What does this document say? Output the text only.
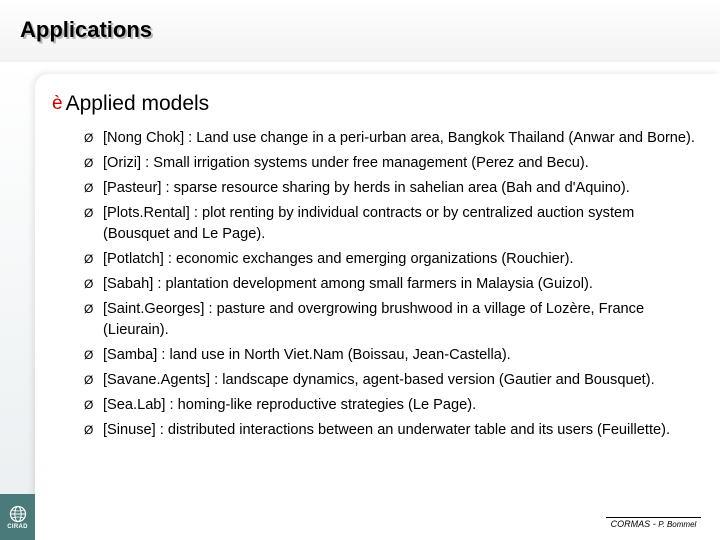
Applications
CIRAD
è Applied models
Ø [Nong Chok] : Land use change in a peri-urban area, Bangkok Thailand (Anwar and Borne).
Ø [Orizi] : Small irrigation systems under free management (Perez and Becu).
Ø [Pasteur] : sparse resource sharing by herds in sahelian area (Bah and d'Aquino).
Ø [Plots.Rental] : plot renting by individual contracts or by centralized auction system (Bousquet and Le Page).
Ø [Potlatch] : economic exchanges and emerging organizations (Rouchier).
Ø [Sabah] : plantation development among small farmers in Malaysia (Guizol).
Ø [Saint.Georges] : pasture and overgrowing brushwood in a village of Lozère, France (Lieurain).
Ø [Samba] : land use in North Viet.Nam (Boissau, Jean-Castella).
Ø [Savane.Agents] : landscape dynamics, agent-based version (Gautier and Bousquet).
Ø [Sea.Lab] : homing-like reproductive strategies (Le Page).
Ø [Sinuse] : distributed interactions between an underwater table and its users (Feuillette).
CORMAS - P. Bommel
